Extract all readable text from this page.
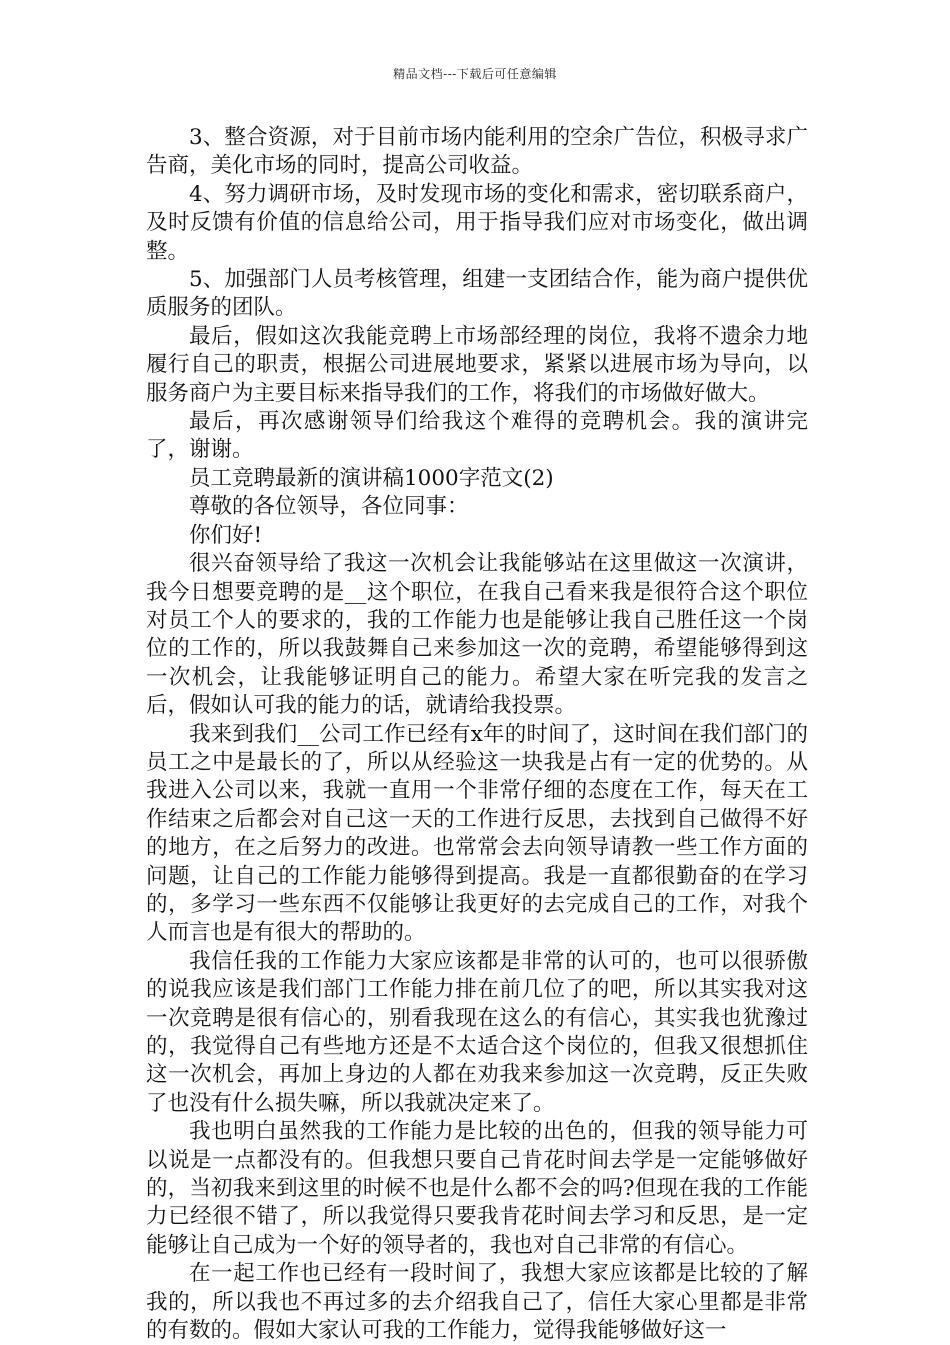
精品文档---下载后可任意编辑

3、整合资源，对于目前市场内能利用的空余广告位，积极寻求广告商，美化市场的同时，提高公司收益。

4、努力调研市场，及时发现市场的变化和需求，密切联系商户，及时反馈有价值的信息给公司，用于指导我们应对市场变化，做出调整。

5、加强部门人员考核管理，组建一支团结合作，能为商户提供优质服务的团队。

最后，假如这次我能竞聘上市场部经理的岗位，我将不遗余力地履行自己的职责，根据公司进展地要求，紧紧以进展市场为导向，以服务商户为主要目标来指导我们的工作，将我们的市场做好做大。

最后，再次感谢领导们给我这个难得的竞聘机会。我的演讲完了，谢谢。

员工竞聘最新的演讲稿1000字范文(2)

尊敬的各位领导，各位同事：

你们好!

很兴奋领导给了我这一次机会让我能够站在这里做这一次演讲，我今日想要竞聘的是__这个职位，在我自己看来我是很符合这个职位对员工个人的要求的，我的工作能力也是能够让我自己胜任这一个岗位的工作的，所以我鼓舞自己来参加这一次的竞聘，希望能够得到这一次机会，让我能够证明自己的能力。希望大家在听完我的发言之后，假如认可我的能力的话，就请给我投票。

我来到我们__公司工作已经有x年的时间了，这时间在我们部门的员工之中是最长的了，所以从经验这一块我是占有一定的优势的。从我进入公司以来，我就一直用一个非常仔细的态度在工作，每天在工作结束之后都会对自己这一天的工作进行反思，去找到自己做得不好的地方，在之后努力的改进。也常常会去向领导请教一些工作方面的问题，让自己的工作能力能够得到提高。我是一直都很勤奋的在学习的，多学习一些东西不仅能够让我更好的去完成自己的工作，对我个人而言也是有很大的帮助的。

我信任我的工作能力大家应该都是非常的认可的，也可以很骄傲的说我应该是我们部门工作能力排在前几位了的吧，所以其实我对这一次竞聘是很有信心的，别看我现在这么的有信心，其实我也犹豫过的，我觉得自己有些地方还是不太适合这个岗位的，但我又很想抓住这一次机会，再加上身边的人都在劝我来参加这一次竞聘，反正失败了也没有什么损失嘛，所以我就决定来了。

我也明白虽然我的工作能力是比较的出色的，但我的领导能力可以说是一点都没有的。但我想只要自己肯花时间去学是一定能够做好的，当初我来到这里的时候不也是什么都不会的吗?但现在我的工作能力已经很不错了，所以我觉得只要我肯花时间去学习和反思，是一定能够让自己成为一个好的领导者的，我也对自己非常的有信心。

在一起工作也已经有一段时间了，我想大家应该都是比较的了解我的，所以我也不再过多的去介绍我自己了，信任大家心里都是非常的有数的。假如大家认可我的工作能力，觉得我能够做好这一
